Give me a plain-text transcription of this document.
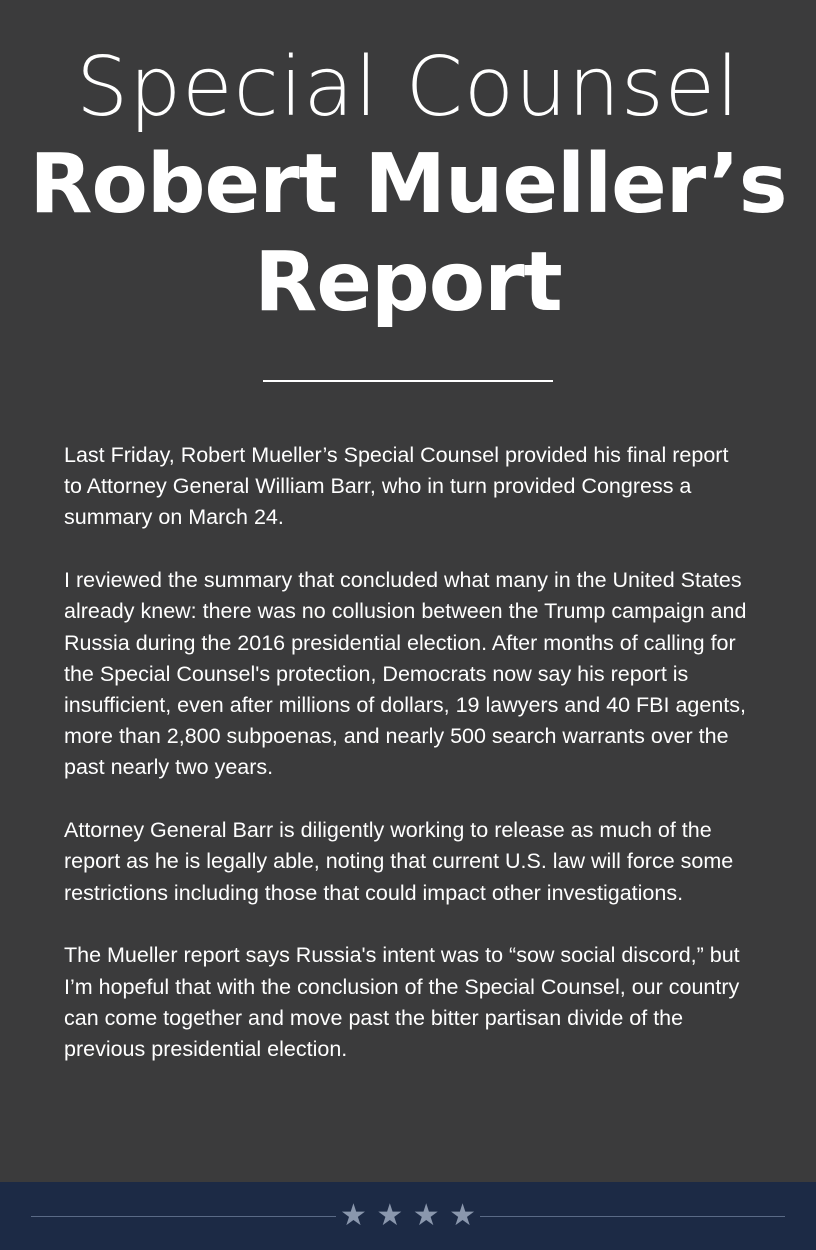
Special Counsel
Robert Mueller’s
Report

Last Friday, Robert Mueller’s Special Counsel provided his final report to Attorney General William Barr, who in turn provided Congress a summary on March 24.

I reviewed the summary that concluded what many in the United States already knew: there was no collusion between the Trump campaign and Russia during the 2016 presidential election. After months of calling for the Special Counsel's protection, Democrats now say his report is insufficient, even after millions of dollars, 19 lawyers and 40 FBI agents, more than 2,800 subpoenas, and nearly 500 search warrants over the past nearly two years.

Attorney General Barr is diligently working to release as much of the report as he is legally able, noting that current U.S. law will force some restrictions including those that could impact other investigations.

The Mueller report says Russia's intent was to “sow social discord,” but I’m hopeful that with the conclusion of the Special Counsel, our country can come together and move past the bitter partisan divide of the previous presidential election.

★ ★ ★ ★
